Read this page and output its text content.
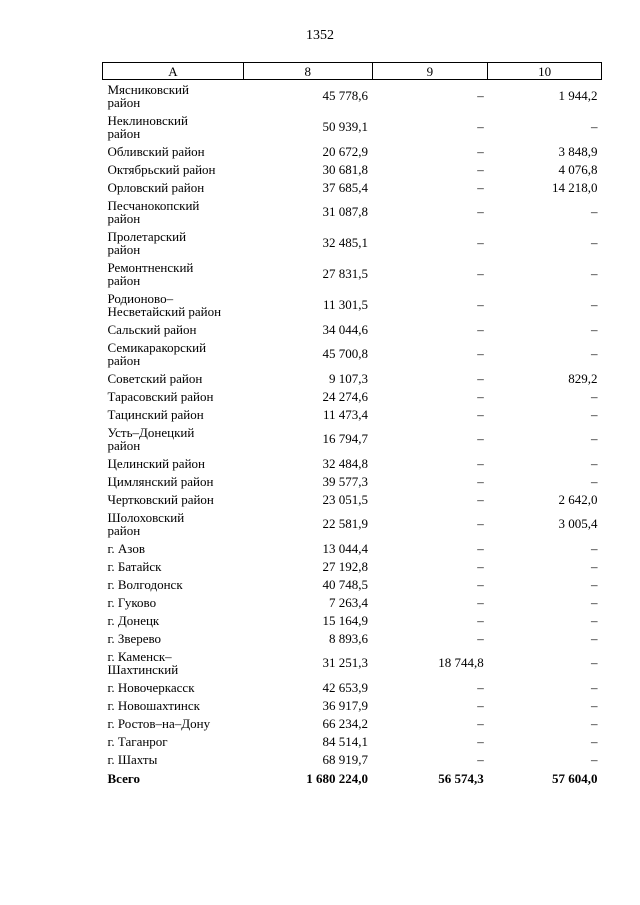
1352
А	8	9	10
Мясниковский
район	45 778,6	–	1 944,2
Неклиновский
район	50 939,1	–	–
Обливский район	20 672,9	–	3 848,9
Октябрьский район	30 681,8	–	4 076,8
Орловский район	37 685,4	–	14 218,0
Песчанокопский
район	31 087,8	–	–
Пролетарский
район	32 485,1	–	–
Ремонтненский
район	27 831,5	–	–
Родионово–
Несветайский район	11 301,5	–	–
Сальский район	34 044,6	–	–
Семикаракорский
район	45 700,8	–	–
Советский район	9 107,3	–	829,2
Тарасовский район	24 274,6	–	–
Тацинский район	11 473,4	–	–
Усть–Донецкий
район	16 794,7	–	–
Целинский район	32 484,8	–	–
Цимлянский район	39 577,3	–	–
Чертковский район	23 051,5	–	2 642,0
Шолоховский
район	22 581,9	–	3 005,4
г. Азов	13 044,4	–	–
г. Батайск	27 192,8	–	–
г. Волгодонск	40 748,5	–	–
г. Гуково	7 263,4	–	–
г. Донецк	15 164,9	–	–
г. Зверево	8 893,6	–	–
г. Каменск–
Шахтинский	31 251,3	18 744,8	–
г. Новочеркасск	42 653,9	–	–
г. Новошахтинск	36 917,9	–	–
г. Ростов–на–Дону	66 234,2	–	–
г. Таганрог	84 514,1	–	–
г. Шахты	68 919,7	–	–
Всего	1 680 224,0	56 574,3	57 604,0
